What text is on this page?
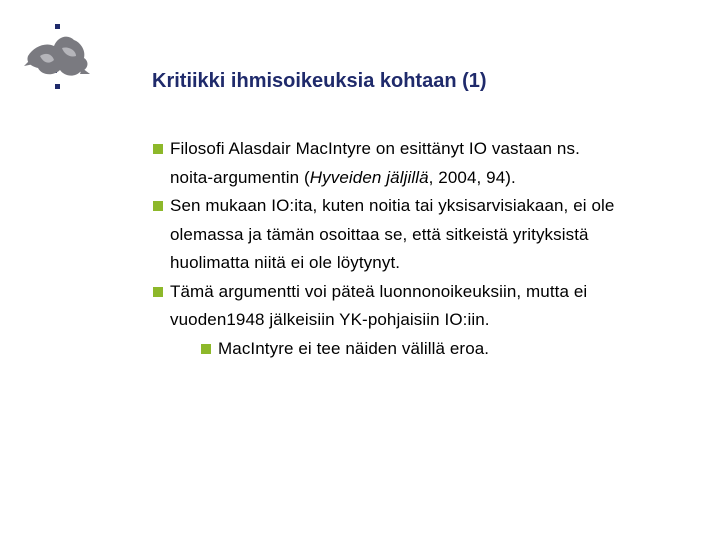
Kritiikki ihmisoikeuksia kohtaan (1)
Filosofi Alasdair MacIntyre on esittänyt IO vastaan ns.
noita-argumentin (Hyveiden jäljillä, 2004, 94).
Sen mukaan IO:ita, kuten noitia tai yksisarvisiakaan, ei ole
olemassa ja tämän osoittaa se, että sitkeistä yrityksistä
huolimatta niitä ei ole löytynyt.
Tämä argumentti voi päteä luonnonoikeuksiin, mutta ei
vuoden1948 jälkeisiin YK-pohjaisiin IO:iin.
MacIntyre ei tee näiden välillä eroa.
